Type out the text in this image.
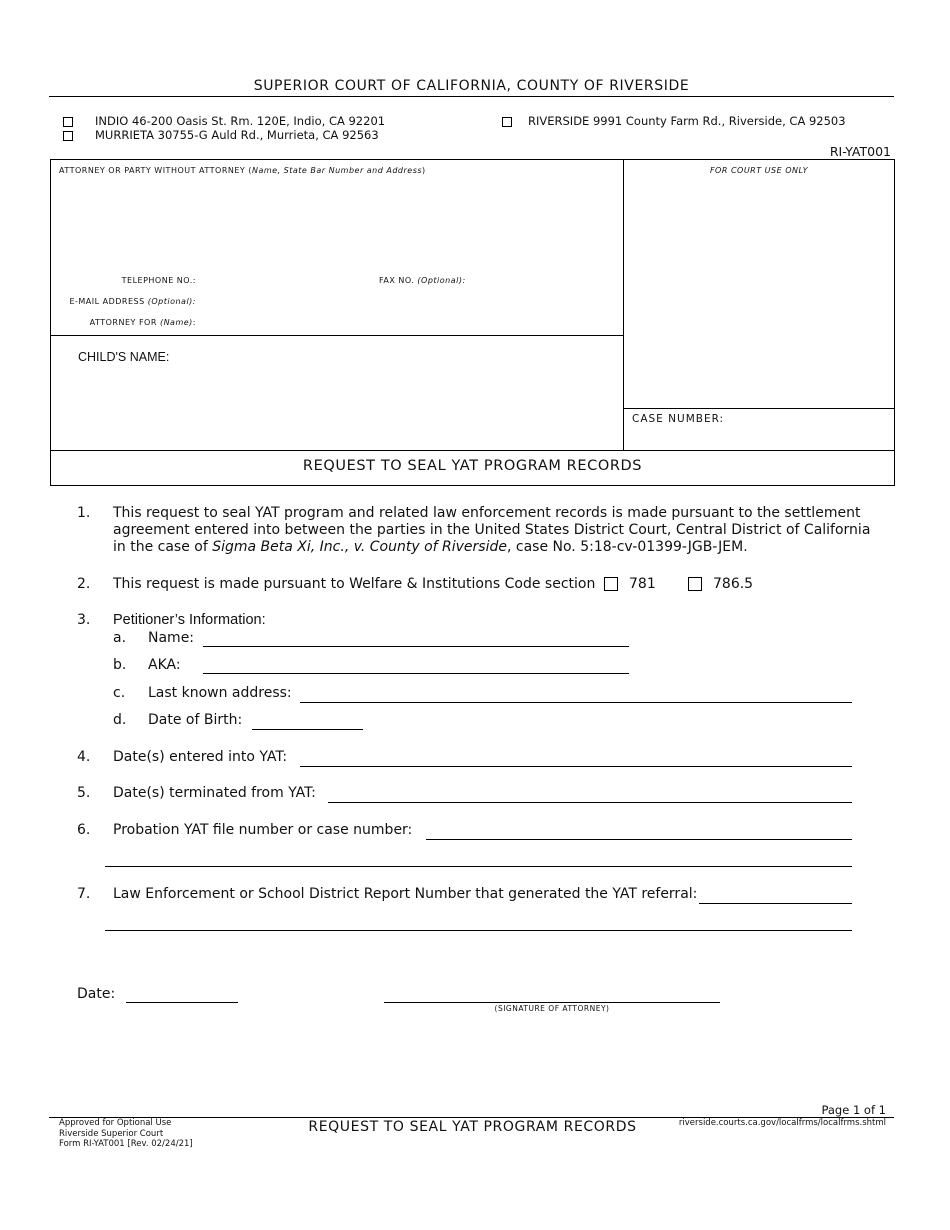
SUPERIOR COURT OF CALIFORNIA, COUNTY OF RIVERSIDE
INDIO 46-200 Oasis St. Rm. 120E, Indio, CA 92201
MURRIETA 30755-G Auld Rd., Murrieta, CA 92563
RIVERSIDE 9991 County Farm Rd., Riverside, CA 92503
RI-YAT001
ATTORNEY OR PARTY WITHOUT ATTORNEY (Name, State Bar Number and Address)
TELEPHONE NO.:	FAX NO. (Optional):
E-MAIL ADDRESS (Optional):
ATTORNEY FOR (Name):
FOR COURT USE ONLY
CHILD'S NAME:
CASE NUMBER:
REQUEST TO SEAL YAT PROGRAM RECORDS
1. This request to seal YAT program and related law enforcement records is made pursuant to the settlement
agreement entered into between the parties in the United States District Court, Central District of California
in the case of Sigma Beta Xi, Inc., v. County of Riverside, case No. 5:18-cv-01399-JGB-JEM.
2. This request is made pursuant to Welfare & Institutions Code section 781	786.5
3. Petitioner’s Information:
a. Name:
b. AKA:
c. Last known address:
d. Date of Birth:
4. Date(s) entered into YAT:
5. Date(s) terminated from YAT:
6. Probation YAT file number or case number:
7. Law Enforcement or School District Report Number that generated the YAT referral:
Date:
(SIGNATURE OF ATTORNEY)
Page 1 of 1
Approved for Optional Use
Riverside Superior Court
Form RI-YAT001 [Rev. 02/24/21]
REQUEST TO SEAL YAT PROGRAM RECORDS	riverside.courts.ca.gov/localfrms/localfrms.shtml
